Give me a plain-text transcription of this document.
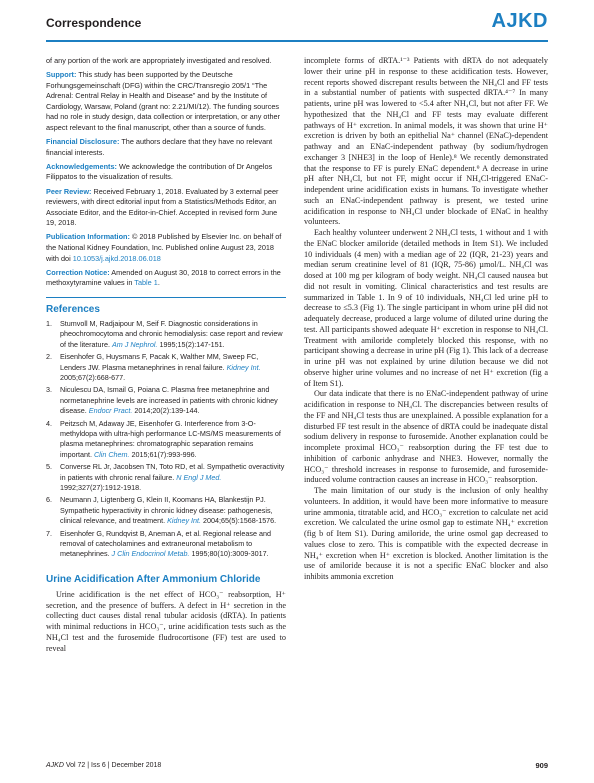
Correspondence	AJKD

of any portion of the work are appropriately investigated and resolved.

Support: This study has been supported by the Deutsche Forhungsgemeinschaft (DFG) within the CRC/Transregio 205/1 “The Adrenal: Central Relay in Health and Disease” and by the Institute of Cardiology, Warsaw, Poland (grant no: 2.21/MI/12). The funding sources had no role in study design, data collection or interpretation, or any other aspect relevant to the final manuscript, other than a source of funds.

Financial Disclosure: The authors declare that they have no relevant financial interests.

Acknowledgements: We acknowledge the contribution of Dr Angelos Filippatos to the visualization of results.

Peer Review: Received February 1, 2018. Evaluated by 3 external peer reviewers, with direct editorial input from a Statistics/Methods Editor, an Associate Editor, and the Editor-in-Chief. Accepted in revised form June 19, 2018.

Publication Information: © 2018 Published by Elsevier Inc. on behalf of the National Kidney Foundation, Inc. Published online August 23, 2018 with doi 10.1053/j.ajkd.2018.06.018

Correction Notice: Amended on August 30, 2018 to correct errors in the methoxytyramine values in Table 1.

References
1.	Stumvoll M, Radjaipour M, Seif F. Diagnostic considerations in pheochromocytoma and chronic hemodialysis: case report and review of the literature. Am J Nephrol. 1995;15(2):147-151.
2.	Eisenhofer G, Huysmans F, Pacak K, Walther MM, Sweep FC, Lenders JW. Plasma metanephrines in renal failure. Kidney Int. 2005;67(2):668-677.
3.	Niculescu DA, Ismail G, Poiana C. Plasma free metanephrine and normetanephrine levels are increased in patients with chronic kidney disease. Endocr Pract. 2014;20(2):139-144.
4.	Peitzsch M, Adaway JE, Eisenhofer G. Interference from 3-O-methyldopa with ultra-high performance LC-MS/MS measurements of plasma metanephrines: chromatographic separation remains important. Clin Chem. 2015;61(7):993-996.
5.	Converse RL Jr, Jacobsen TN, Toto RD, et al. Sympathetic overactivity in patients with chronic renal failure. N Engl J Med. 1992;327(27):1912-1918.
6.	Neumann J, Ligtenberg G, Klein II, Koomans HA, Blankestijn PJ. Sympathetic hyperactivity in chronic kidney disease: pathogenesis, clinical relevance, and treatment. Kidney Int. 2004;65(5):1568-1576.
7.	Eisenhofer G, Rundqvist B, Aneman A, et al. Regional release and removal of catecholamines and extraneuronal metabolism to metanephrines. J Clin Endocrinol Metab. 1995;80(10):3009-3017.
Urine Acidification After Ammonium Chloride

Urine acidification is the net effect of HCO₃⁻ reabsorption, H⁺ secretion, and the presence of buffers. A defect in H⁺ secretion in the collecting duct causes distal renal tubular acidosis (dRTA). In patients with minimal reductions in HCO₃⁻, urine acidification tests such as the NH₄Cl test and the furosemide fludrocortisone (FF) test are used to reveal

incomplete forms of dRTA.¹⁻³ Patients with dRTA do not adequately lower their urine pH in response to these acidification tests. However, recent reports showed discrepant results between the NH₄Cl and FF tests in a substantial number of patients with suspected dRTA.⁴⁻⁷ In many patients, urine pH was lowered to <5.4 after NH₄Cl, but not after FF. We hypothesized that the NH₄Cl and FF tests may evaluate different pathways of H⁺ excretion. In animal models, it was shown that urine H⁺ excretion is driven by both an epithelial Na⁺ channel (ENaC)-dependent pathway and an ENaC-independent pathway (by sodium/hydrogen exchanger 3 [NHE3] in the loop of Henle).⁸ We recently demonstrated that the response to FF is purely ENaC dependent.⁹ A decrease in urine pH after NH₄Cl, but not FF, might occur if NH₄Cl-triggered ENaC-independent urine acidification exists in humans. To investigate whether such an ENaC-independent pathway is present, we tested urine acidification in response to NH₄Cl under blockade of ENaC in healthy volunteers.

Each healthy volunteer underwent 2 NH₄Cl tests, 1 without and 1 with the ENaC blocker amiloride (detailed methods in Item S1). We included 10 individuals (4 men) with a median age of 22 (IQR, 21-23) years and median serum creatinine level of 81 (IQR, 75-86) µmol/L. NH₄Cl was dosed at 100 mg per kilogram of body weight. NH₄Cl caused nausea but did not result in vomiting. Clinical characteristics and test results are summarized in Table 1. In 9 of 10 individuals, NH₄Cl led urine pH to decrease to ≤5.3 (Fig 1). The single participant in whom urine pH did not adequately decrease, produced a large volume of diluted urine during the test. All participants showed adequate H⁺ excretion in response to NH₄Cl. Treatment with amiloride completely blocked this response, with no participant showing a decrease in urine pH (Fig 1). This lack of a decrease in urine pH was not explained by urine dilution because we did not observe higher urine volumes and no increase of net H⁺ excretion (fig a of Item S1).

Our data indicate that there is no ENaC-independent pathway of urine acidification in response to NH₄Cl. The discrepancies between results of the FF and NH₄Cl tests thus are unexplained. A possible explanation for a disturbed FF test result in the absence of dRTA could be inadequate distal sodium delivery in response to furosemide. Another explanation could be incomplete proximal HCO₃⁻ reabsorption during the FF test due to inhibition of carbonic anhydrase and NHE3. However, normally the HCO₃⁻ threshold increases in response to furosemide, and furosemide-induced volume contraction causes an increase in HCO₃⁻ reabsorption.

The main limitation of our study is the inclusion of only healthy volunteers. In addition, it would have been more informative to measure urine ammonia, titratable acid, and HCO₃⁻ excretion to calculate net acid excretion. We calculated the urine osmol gap to estimate NH₄⁺ excretion (fig b of Item S1). During amiloride, the urine osmol gap decreased to values close to zero. This is compatible with the expected decrease in NH₄⁺ excretion when H⁺ excretion is blocked. Another limitation is the use of amiloride because it is not a specific ENaC blocker and also inhibits ammonia excretion

AJKD Vol 72 | Iss 6 | December 2018	909
